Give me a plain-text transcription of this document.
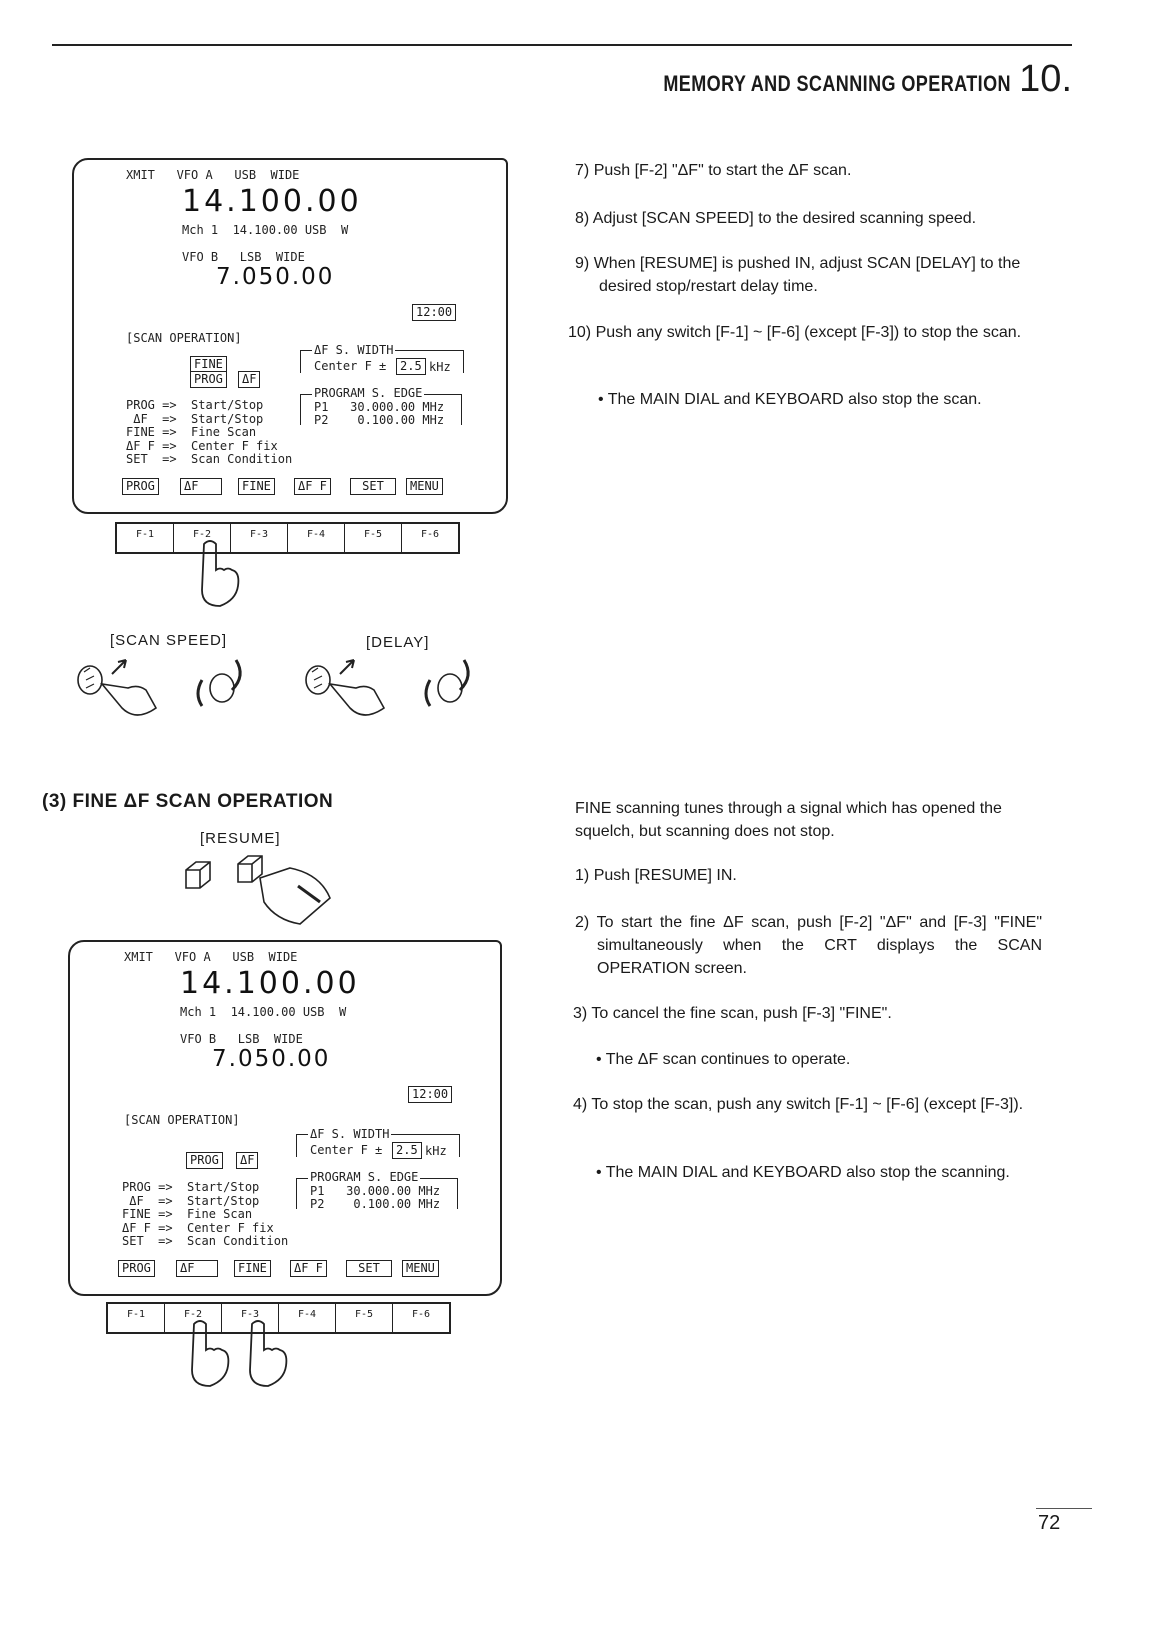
MEMORY AND SCANNING OPERATION 10.
XMIT   VFO A   USB  WIDE
14.100.00
Mch 1  14.100.00 USB  W
VFO B   LSB  WIDE
7.050.00
12:00
[SCAN OPERATION]
FINE
PROG	ΔF
ΔF S. WIDTH
Center F ±	2.5 kHz
PROGRAM S. EDGE
P1   30.000.00 MHz
P2    0.100.00 MHz
PROG =>  Start/Stop
ΔF  =>  Start/Stop
FINE =>  Fine Scan
ΔF F =>  Center F fix
SET  =>  Scan Condition
PROG	ΔF	FINE	ΔF F	SET	MENU
F-1	F-2	F-3	F-4	F-5	F-6
[SCAN SPEED]	[DELAY]
7) Push [F-2] "ΔF" to start the ΔF scan.
8) Adjust [SCAN SPEED] to the desired scanning speed.
9) When [RESUME] is pushed IN, adjust SCAN [DELAY] to the desired stop/restart delay time.
10) Push any switch [F-1] ~ [F-6] (except [F-3]) to stop the scan.
• The MAIN DIAL and KEYBOARD also stop the scan.
(3) FINE ΔF SCAN OPERATION
[RESUME]
XMIT   VFO A   USB  WIDE
14.100.00
Mch 1  14.100.00 USB  W
VFO B   LSB  WIDE
7.050.00
12:00
[SCAN OPERATION]
PROG	ΔF
ΔF S. WIDTH
Center F ±	2.5 kHz
PROGRAM S. EDGE
P1   30.000.00 MHz
P2    0.100.00 MHz
PROG =>  Start/Stop
ΔF  =>  Start/Stop
FINE =>  Fine Scan
ΔF F =>  Center F fix
SET  =>  Scan Condition
PROG	ΔF	FINE	ΔF F	SET	MENU
F-1	F-2	F-3	F-4	F-5	F-6
FINE scanning tunes through a signal which has opened the squelch, but scanning does not stop.
1) Push [RESUME] IN.
2) To start the fine ΔF scan, push [F-2] "ΔF" and [F-3] "FINE" simultaneously when the CRT displays the SCAN OPERATION screen.
3) To cancel the fine scan, push [F-3] "FINE".
• The ΔF scan continues to operate.
4) To stop the scan, push any switch [F-1] ~ [F-6] (except [F-3]).
• The MAIN DIAL and KEYBOARD also stop the scanning.
72
